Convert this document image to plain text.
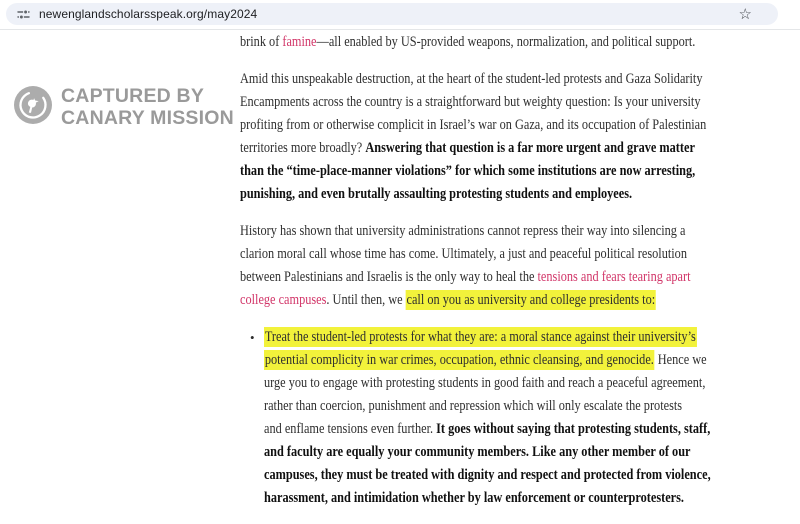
newenglandscholarsspeak.org/may2024	☆
CAPTURED BY
CANARY MISSION
brink of famine—all enabled by US-provided weapons, normalization, and political support.
Amid this unspeakable destruction, at the heart of the student-led protests and Gaza Solidarity
Encampments across the country is a straightforward but weighty question: Is your university
profiting from or otherwise complicit in Israel’s war on Gaza, and its occupation of Palestinian
territories more broadly? Answering that question is a far more urgent and grave matter
than the “time-place-manner violations” for which some institutions are now arresting,
punishing, and even brutally assaulting protesting students and employees.
History has shown that university administrations cannot repress their way into silencing a
clarion moral call whose time has come. Ultimately, a just and peaceful political resolution
between Palestinians and Israelis is the only way to heal the tensions and fears tearing apart
college campuses. Until then, we call on you as university and college presidents to:
• Treat the student-led protests for what they are: a moral stance against their university’s
potential complicity in war crimes, occupation, ethnic cleansing, and genocide. Hence we
urge you to engage with protesting students in good faith and reach a peaceful agreement,
rather than coercion, punishment and repression which will only escalate the protests
and enflame tensions even further. It goes without saying that protesting students, staff,
and faculty are equally your community members. Like any other member of our
campuses, they must be treated with dignity and respect and protected from violence,
harassment, and intimidation whether by law enforcement or counterprotesters.
